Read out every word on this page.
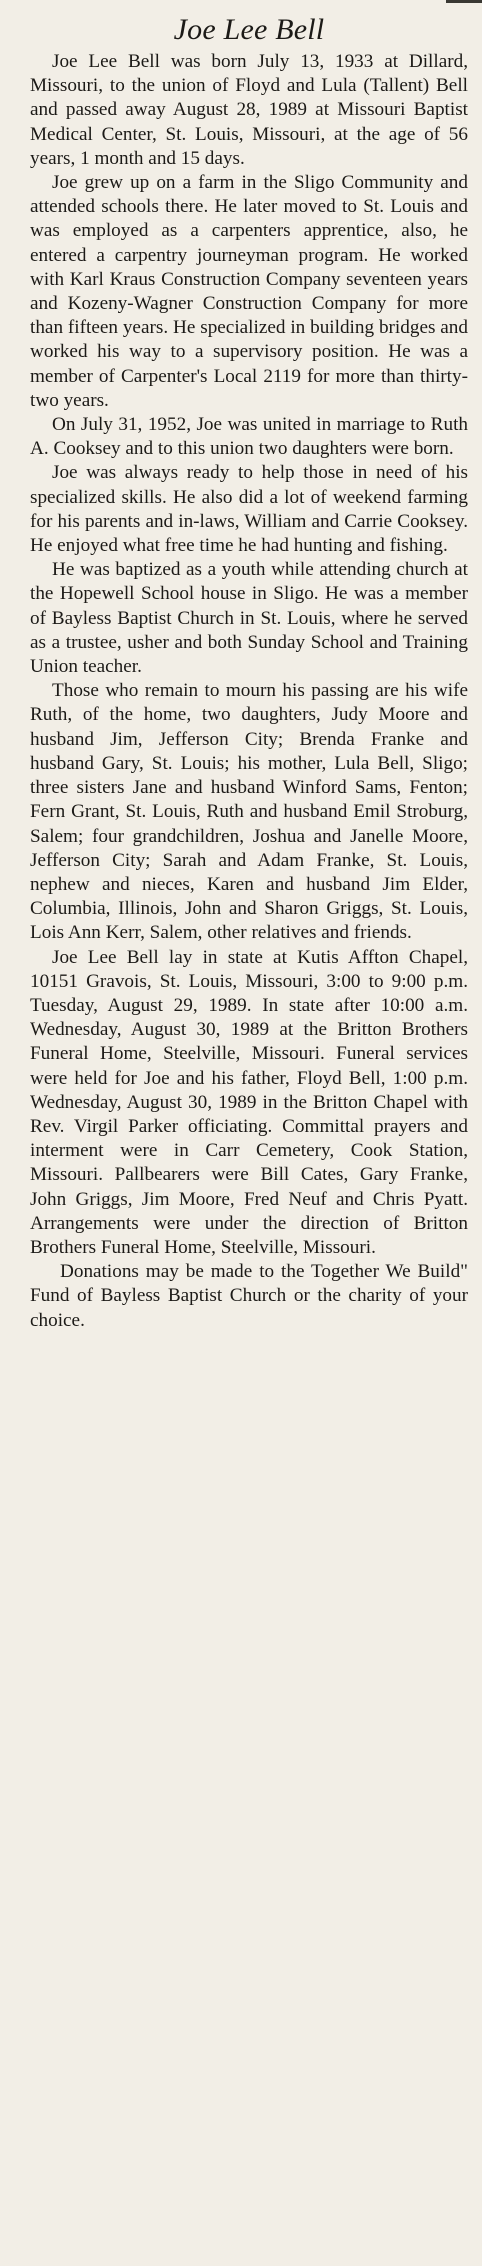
Joe Lee Bell

Joe Lee Bell was born July 13, 1933 at Dillard, Missouri, to the union of Floyd and Lula (Tallent) Bell and passed away August 28, 1989 at Missouri Baptist Medical Center, St. Louis, Missouri, at the age of 56 years, 1 month and 15 days.

Joe grew up on a farm in the Sligo Community and attended schools there. He later moved to St. Louis and was employed as a carpenters apprentice, also, he entered a carpentry journeyman program. He worked with Karl Kraus Construction Company seventeen years and Kozeny-Wagner Construction Company for more than fifteen years. He specialized in building bridges and worked his way to a supervisory position. He was a member of Carpenter's Local 2119 for more than thirty-two years.

On July 31, 1952, Joe was united in marriage to Ruth A. Cooksey and to this union two daughters were born.

Joe was always ready to help those in need of his specialized skills. He also did a lot of weekend farming for his parents and in-laws, William and Carrie Cooksey. He enjoyed what free time he had hunting and fishing.

He was baptized as a youth while attending church at the Hopewell School house in Sligo. He was a member of Bayless Baptist Church in St. Louis, where he served as a trustee, usher and both Sunday School and Training Union teacher.

Those who remain to mourn his passing are his wife Ruth, of the home, two daughters, Judy Moore and husband Jim, Jefferson City; Brenda Franke and husband Gary, St. Louis; his mother, Lula Bell, Sligo; three sisters Jane and husband Winford Sams, Fenton; Fern Grant, St. Louis, Ruth and husband Emil Stroburg, Salem; four grandchildren, Joshua and Janelle Moore, Jefferson City; Sarah and Adam Franke, St. Louis, nephew and nieces, Karen and husband Jim Elder, Columbia, Illinois, John and Sharon Griggs, St. Louis, Lois Ann Kerr, Salem, other relatives and friends.

Joe Lee Bell lay in state at Kutis Affton Chapel, 10151 Gravois, St. Louis, Missouri, 3:00 to 9:00 p.m. Tuesday, August 29, 1989. In state after 10:00 a.m. Wednesday, August 30, 1989 at the Britton Brothers Funeral Home, Steelville, Missouri. Funeral services were held for Joe and his father, Floyd Bell, 1:00 p.m. Wednesday, August 30, 1989 in the Britton Chapel with Rev. Virgil Parker officiating. Committal prayers and interment were in Carr Cemetery, Cook Station, Missouri. Pallbearers were Bill Cates, Gary Franke, John Griggs, Jim Moore, Fred Neuf and Chris Pyatt. Arrangements were under the direction of Britton Brothers Funeral Home, Steelville, Missouri.

Donations may be made to the Together We Build" Fund of Bayless Baptist Church or the charity of your choice.
